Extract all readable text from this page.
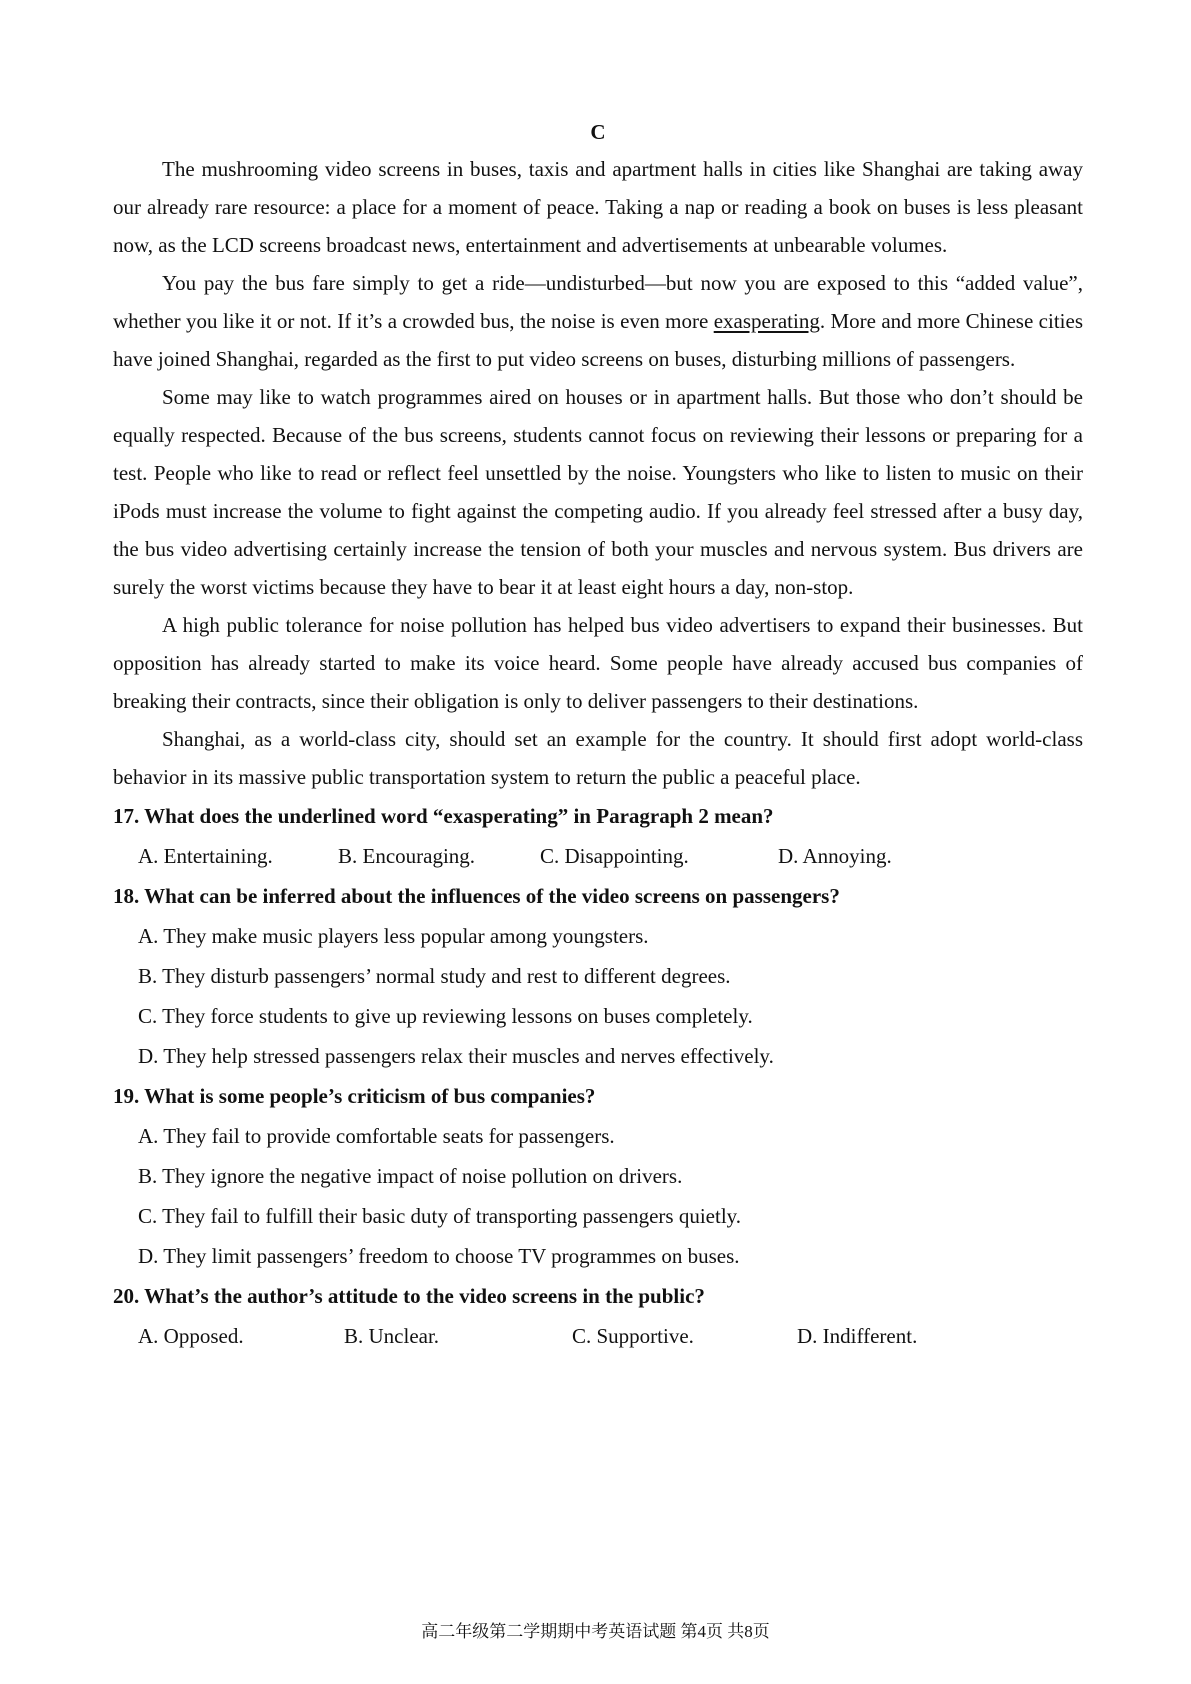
C

The mushrooming video screens in buses, taxis and apartment halls in cities like Shanghai are taking away our already rare resource: a place for a moment of peace. Taking a nap or reading a book on buses is less pleasant now, as the LCD screens broadcast news, entertainment and advertisements at unbearable volumes.

You pay the bus fare simply to get a ride—undisturbed—but now you are exposed to this “added value”, whether you like it or not. If it’s a crowded bus, the noise is even more exasperating. More and more Chinese cities have joined Shanghai, regarded as the first to put video screens on buses, disturbing millions of passengers.

Some may like to watch programmes aired on houses or in apartment halls. But those who don’t should be equally respected. Because of the bus screens, students cannot focus on reviewing their lessons or preparing for a test. People who like to read or reflect feel unsettled by the noise. Youngsters who like to listen to music on their iPods must increase the volume to fight against the competing audio. If you already feel stressed after a busy day, the bus video advertising certainly increase the tension of both your muscles and nervous system. Bus drivers are surely the worst victims because they have to bear it at least eight hours a day, non-stop.

A high public tolerance for noise pollution has helped bus video advertisers to expand their businesses. But opposition has already started to make its voice heard. Some people have already accused bus companies of breaking their contracts, since their obligation is only to deliver passengers to their destinations.

Shanghai, as a world-class city, should set an example for the country. It should first adopt world-class behavior in its massive public transportation system to return the public a peaceful place.

17. What does the underlined word “exasperating” in Paragraph 2 mean?

A. Entertaining.	B. Encouraging.	C. Disappointing.	D. Annoying.

18. What can be inferred about the influences of the video screens on passengers?

A. They make music players less popular among youngsters.

B. They disturb passengers’ normal study and rest to different degrees.

C. They force students to give up reviewing lessons on buses completely.

D. They help stressed passengers relax their muscles and nerves effectively.

19. What is some people’s criticism of bus companies?

A. They fail to provide comfortable seats for passengers.

B. They ignore the negative impact of noise pollution on drivers.

C. They fail to fulfill their basic duty of transporting passengers quietly.

D. They limit passengers’ freedom to choose TV programmes on buses.

20. What’s the author’s attitude to the video screens in the public?

A. Opposed.	B. Unclear.	C. Supportive.	D. Indifferent.
高二年级第二学期期中考英语试题 第4页 共8页
